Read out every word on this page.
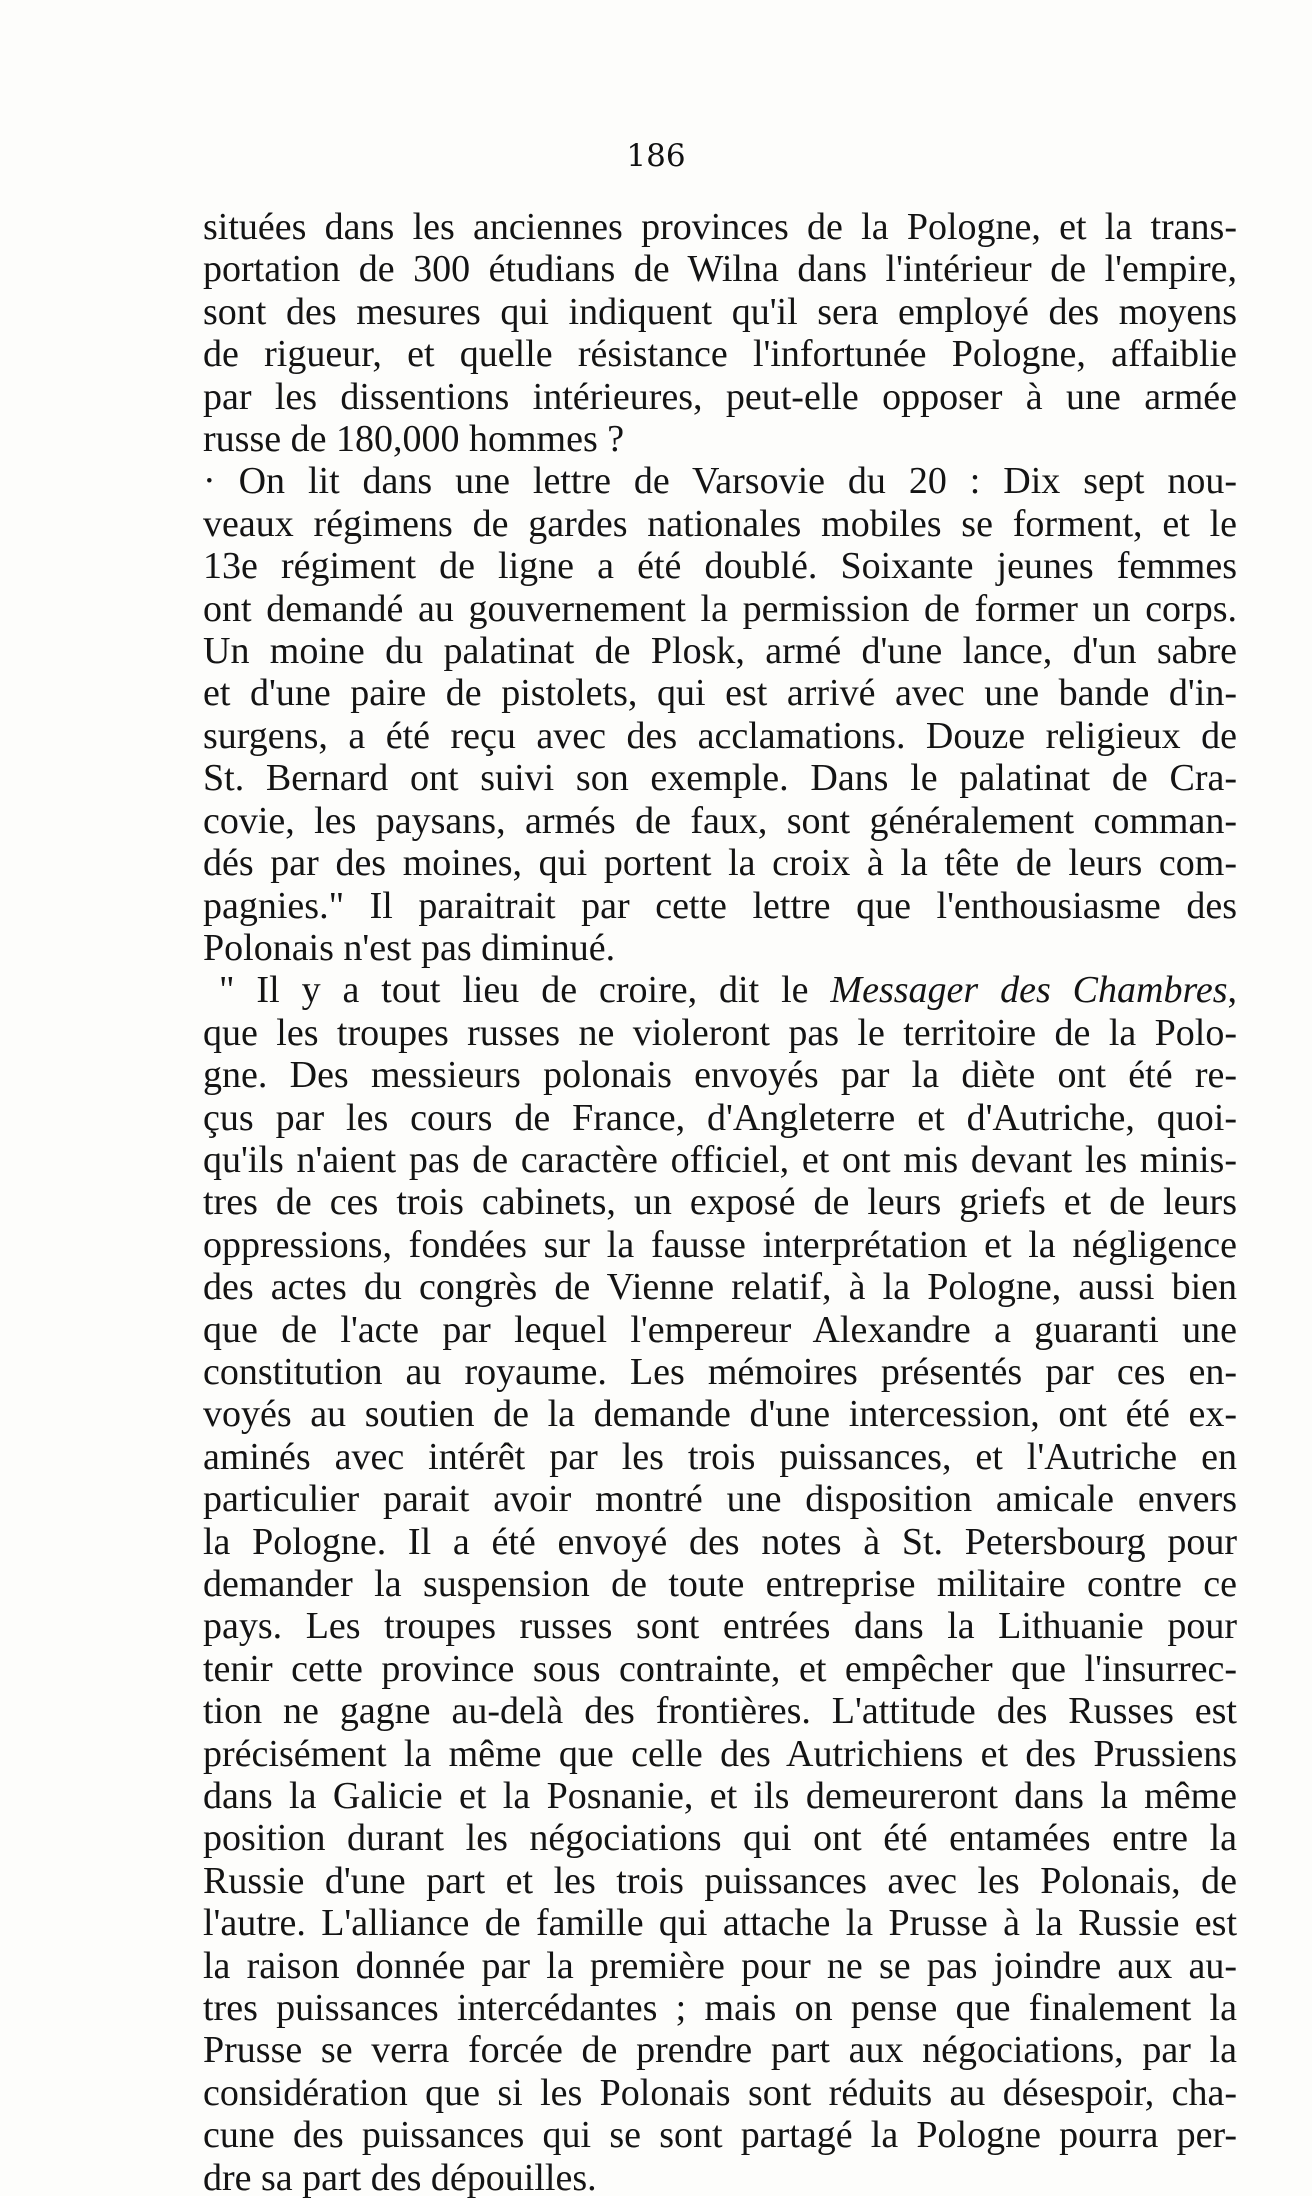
186

situées dans les anciennes provinces de la Pologne, et la trans-
portation de 300 étudians de Wilna dans l'intérieur de l'empire,
sont des mesures qui indiquent qu'il sera employé des moyens
de rigueur, et quelle résistance l'infortunée Pologne, affaiblie
par les dissentions intérieures, peut-elle opposer à une armée
russe de 180,000 hommes ?

· On lit dans une lettre de Varsovie du 20 : Dix sept nou-
veaux régimens de gardes nationales mobiles se forment, et le
13e régiment de ligne a été doublé. Soixante jeunes femmes
ont demandé au gouvernement la permission de former un corps.
Un moine du palatinat de Plosk, armé d'une lance, d'un sabre
et d'une paire de pistolets, qui est arrivé avec une bande d'in-
surgens, a été reçu avec des acclamations. Douze religieux de
St. Bernard ont suivi son exemple. Dans le palatinat de Cra-
covie, les paysans, armés de faux, sont généralement comman-
dés par des moines, qui portent la croix à la tête de leurs com-
pagnies." Il paraitrait par cette lettre que l'enthousiasme des
Polonais n'est pas diminué.

" Il y a tout lieu de croire, dit le Messager des Chambres,
que les troupes russes ne violeront pas le territoire de la Polo-
gne. Des messieurs polonais envoyés par la diète ont été re-
çus par les cours de France, d'Angleterre et d'Autriche, quoi-
qu'ils n'aient pas de caractère officiel, et ont mis devant les minis-
tres de ces trois cabinets, un exposé de leurs griefs et de leurs
oppressions, fondées sur la fausse interprétation et la négligence
des actes du congrès de Vienne relatif, à la Pologne, aussi bien
que de l'acte par lequel l'empereur Alexandre a guaranti une
constitution au royaume. Les mémoires présentés par ces en-
voyés au soutien de la demande d'une intercession, ont été ex-
aminés avec intérêt par les trois puissances, et l'Autriche en
particulier parait avoir montré une disposition amicale envers
la Pologne. Il a été envoyé des notes à St. Petersbourg pour
demander la suspension de toute entreprise militaire contre ce
pays. Les troupes russes sont entrées dans la Lithuanie pour
tenir cette province sous contrainte, et empêcher que l'insurrec-
tion ne gagne au-delà des frontières. L'attitude des Russes est
précisément la même que celle des Autrichiens et des Prussiens
dans la Galicie et la Posnanie, et ils demeureront dans la même
position durant les négociations qui ont été entamées entre la
Russie d'une part et les trois puissances avec les Polonais, de
l'autre. L'alliance de famille qui attache la Prusse à la Russie est
la raison donnée par la première pour ne se pas joindre aux au-
tres puissances intercédantes ; mais on pense que finalement la
Prusse se verra forcée de prendre part aux négociations, par la
considération que si les Polonais sont réduits au désespoir, cha-
cune des puissances qui se sont partagé la Pologne pourra per-
dre sa part des dépouilles.
